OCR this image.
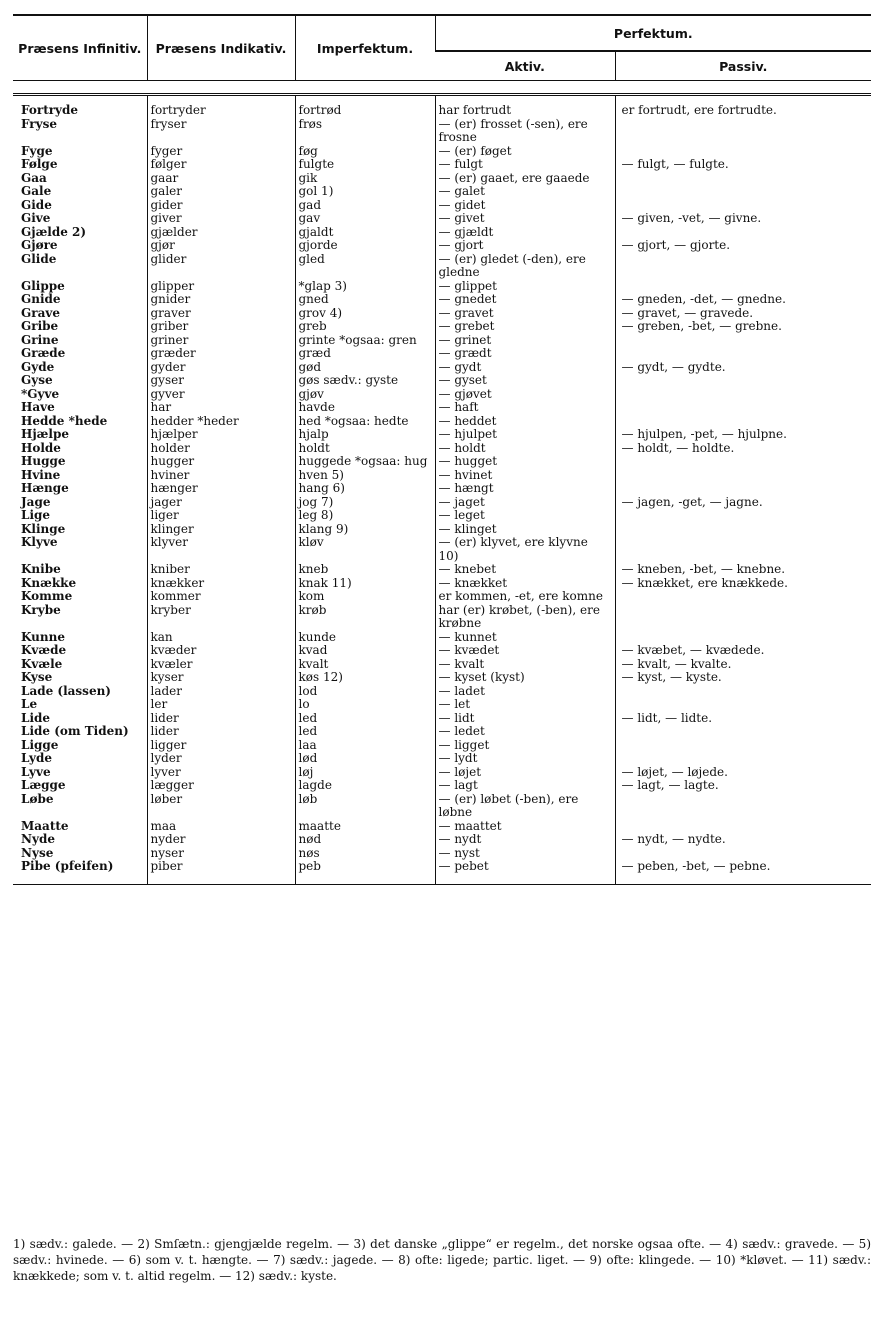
Præsens Infinitiv.	Præsens Indikativ.	Imperfektum.	Perfektum.	
			Aktiv.	Passiv.

Fortryde	fortryder	fortrød	har fortrudt	er fortrudt, ere fortrudte.
Fryse	fryser	frøs	— (er) frosset (-sen), ere frosne	
Fyge	fyger	føg	— (er) føget	
Følge	følger	fulgte	— fulgt	— fulgt, — fulgte.
Gaa	gaar	gik	— (er) gaaet, ere gaaede	
Gale	galer	gol 1)	— galet	
Gide	gider	gad	— gidet	
Give	giver	gav	— givet	— given, -vet, — givne.
Gjælde 2)	gjælder	gjaldt	— gjældt	
Gjøre	gjør	gjorde	— gjort	— gjort, — gjorte.
Glide	glider	gled	— (er) gledet (-den), ere gledne	
Glippe	glipper	*glap 3)	— glippet	
Gnide	gnider	gned	— gnedet	— gneden, -det, — gnedne.
Grave	graver	grov 4)	— gravet	— gravet, — gravede.
Gribe	griber	greb	— grebet	— greben, -bet, — grebne.
Grine	griner	grinte *ogsaa: gren	— grinet	
Græde	græder	græd	— grædt	
Gyde	gyder	gød	— gydt	— gydt, — gydte.
Gyse	gyser	gøs sædv.: gyste	— gyset	
*Gyve	gyver	gjøv	— gjøvet	
Have	har	havde	— haft	
Hedde *hede	hedder *heder	hed *ogsaa: hedte	— heddet	
Hjælpe	hjælper	hjalp	— hjulpet	— hjulpen, -pet, — hjulpne.
Holde	holder	holdt	— holdt	— holdt, — holdte.
Hugge	hugger	huggede *ogsaa: hug	— hugget	
Hvine	hviner	hven 5)	— hvinet	
Hænge	hænger	hang 6)	— hængt	
Jage	jager	jog 7)	— jaget	— jagen, -get, — jagne.
Lige	liger	leg 8)	— leget	
Klinge	klinger	klang 9)	— klinget	
Klyve	klyver	kløv	— (er) klyvet, ere klyvne 10)	
Knibe	kniber	kneb	— knebet	— kneben, -bet, — knebne.
Knække	knækker	knak 11)	— knækket	— knækket, ere knækkede.
Komme	kommer	kom	er kommen, -et, ere komne	
Krybe	kryber	krøb	har (er) krøbet, (-ben), ere krøbne	
Kunne	kan	kunde	— kunnet	
Kvæde	kvæder	kvad	— kvædet	— kvæbet, — kvædede.
Kvæle	kvæler	kvalt	— kvalt	— kvalt, — kvalte.
Kyse	kyser	køs 12)	— kyset (kyst)	— kyst, — kyste.
Lade (lassen)	lader	lod	— ladet	
Le	ler	lo	— let	
Lide	lider	led	— lidt	— lidt, — lidte.
Lide (om Tiden)	lider	led	— ledet	
Ligge	ligger	laa	— ligget	
Lyde	lyder	lød	— lydt	
Lyve	lyver	løj	— løjet	— løjet, — løjede.
Lægge	lægger	lagde	— lagt	— lagt, — lagte.
Løbe	løber	løb	— (er) løbet (-ben), ere løbne	
Maatte	maa	maatte	— maattet	
Nyde	nyder	nød	— nydt	— nydt, — nydte.
Nyse	nyser	nøs	— nyst	
Pibe (pfeifen)	piber	peb	— pebet	— peben, -bet, — pebne.
1) sædv.: galede. — 2) Smſætn.: gjengjælde regelm. — 3) det danske „glippe“ er regelm., det norske ogsaa ofte. — 4) sædv.: gravede. — 5) sædv.: hvinede. — 6) som v. t. hængte. — 7) sædv.: jagede. — 8) ofte: ligede; partic. liget. — 9) ofte: klingede. — 10) *kløvet. — 11) sædv.: knækkede; som v. t. altid regelm. — 12) sædv.: kyste.
